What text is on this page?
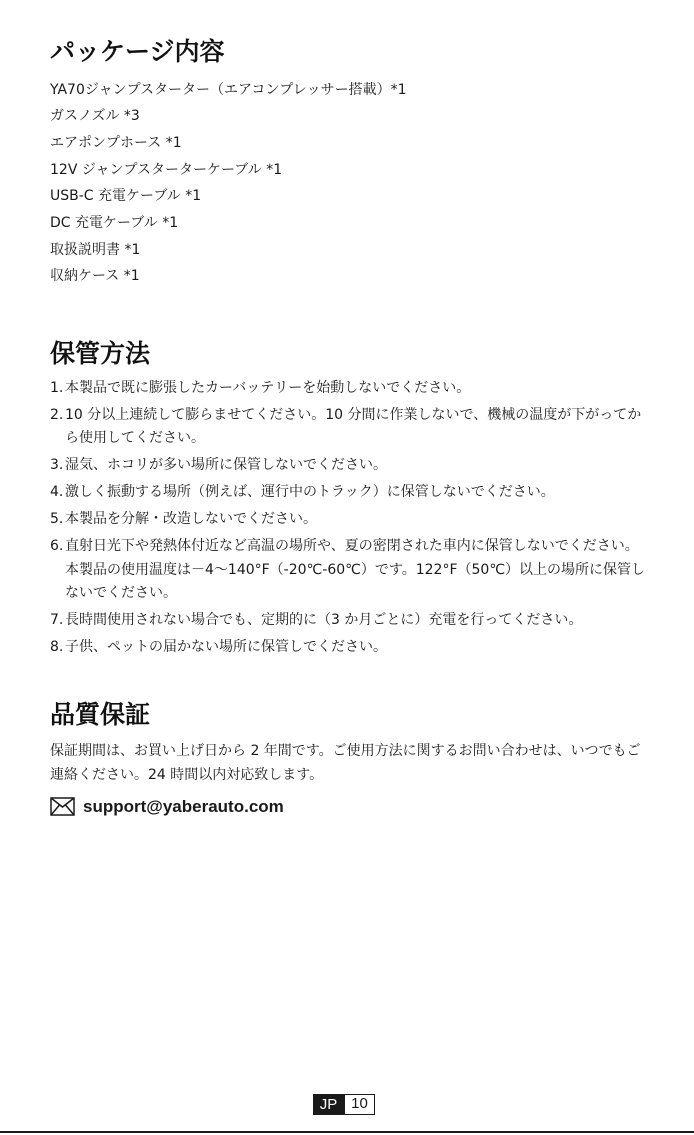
パッケージ内容
YA70ジャンプスターター（エアコンプレッサー搭載）*1
ガスノズル *3
エアポンプホース *1
12V ジャンプスターターケーブル *1
USB-C 充電ケーブル *1
DC 充電ケーブル *1
取扱説明書 *1
収納ケース *1
保管方法
1. 本製品で既に膨張したカーバッテリーを始動しないでください。
2. 10 分以上連続して膨らませてください。10 分間に作業しないで、機械の温度が下がってから使用してください。
3. 湿気、ホコリが多い場所に保管しないでください。
4. 激しく振動する場所（例えば、運行中のトラック）に保管しないでください。
5. 本製品を分解・改造しないでください。
6. 直射日光下や発熱体付近など高温の場所や、夏の密閉された車内に保管しないでください。本製品の使用温度は－4～140°F（-20℃-60℃）です。122°F（50℃）以上の場所に保管しないでください。
7. 長時間使用されない場合でも、定期的に（3 か月ごとに）充電を行ってください。
8. 子供、ペットの届かない場所に保管しでください。
品質保証

保証期間は、お買い上げ日から 2 年間です。ご使用方法に関するお問い合わせは、いつでもご連絡ください。24 時間以内対応致します。

support@yaberauto.com
JP 10
